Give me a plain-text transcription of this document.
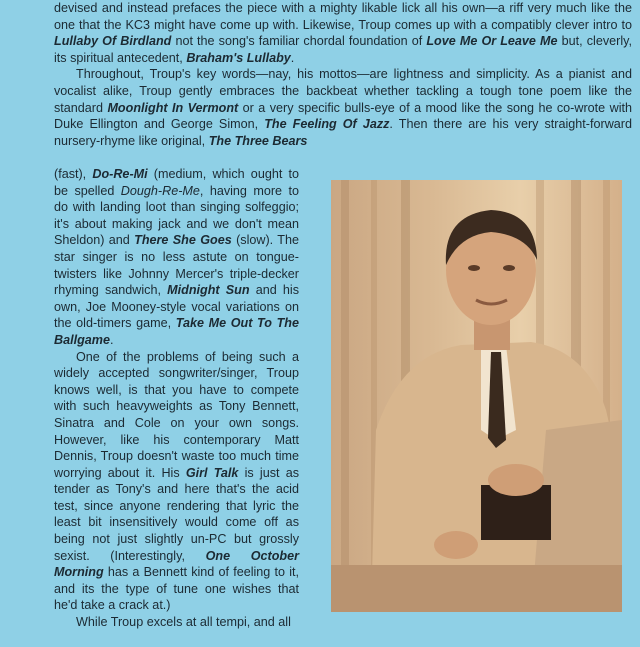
devised and instead prefaces the piece with a mighty likable lick all his own—a riff very much like the one that the KC3 might have come up with. Likewise, Troup comes up with a compatibly clever intro to Lullaby Of Birdland not the song's familiar chordal foundation of Love Me Or Leave Me but, cleverly, its spiritual antecedent, Braham's Lullaby.

Throughout, Troup's key words—nay, his mottos—are lightness and simplicity. As a pianist and vocalist alike, Troup gently embraces the backbeat whether tackling a tough tone poem like the standard Moonlight In Vermont or a very specific bulls-eye of a mood like the song he co-wrote with Duke Ellington and George Simon, The Feeling Of Jazz. Then there are his very straight-forward nursery-rhyme like original, The Three Bears

(fast), Do-Re-Mi (medium, which ought to be spelled Dough-Re-Me, having more to do with landing loot than singing solfeggio; it's about making jack and we don't mean Sheldon) and There She Goes (slow). The star singer is no less astute on tongue-twisters like Johnny Mercer's triple-decker rhyming sandwich, Midnight Sun and his own, Joe Mooney-style vocal variations on the old-timers game, Take Me Out To The Ballgame.

One of the problems of being such a widely accepted songwriter/singer, Troup knows well, is that you have to compete with such heavyweights as Tony Bennett, Sinatra and Cole on your own songs. However, like his contemporary Matt Dennis, Troup doesn't waste too much time worrying about it. His Girl Talk is just as tender as Tony's and here that's the acid test, since anyone rendering that lyric the least bit insensitively would come off as being not just slightly un-PC but grossly sexist. (Interestingly, One October Morning has a Bennett kind of feeling to it, and its the type of tune one wishes that he'd take a crack at.)

While Troup excels at all tempi, and all
